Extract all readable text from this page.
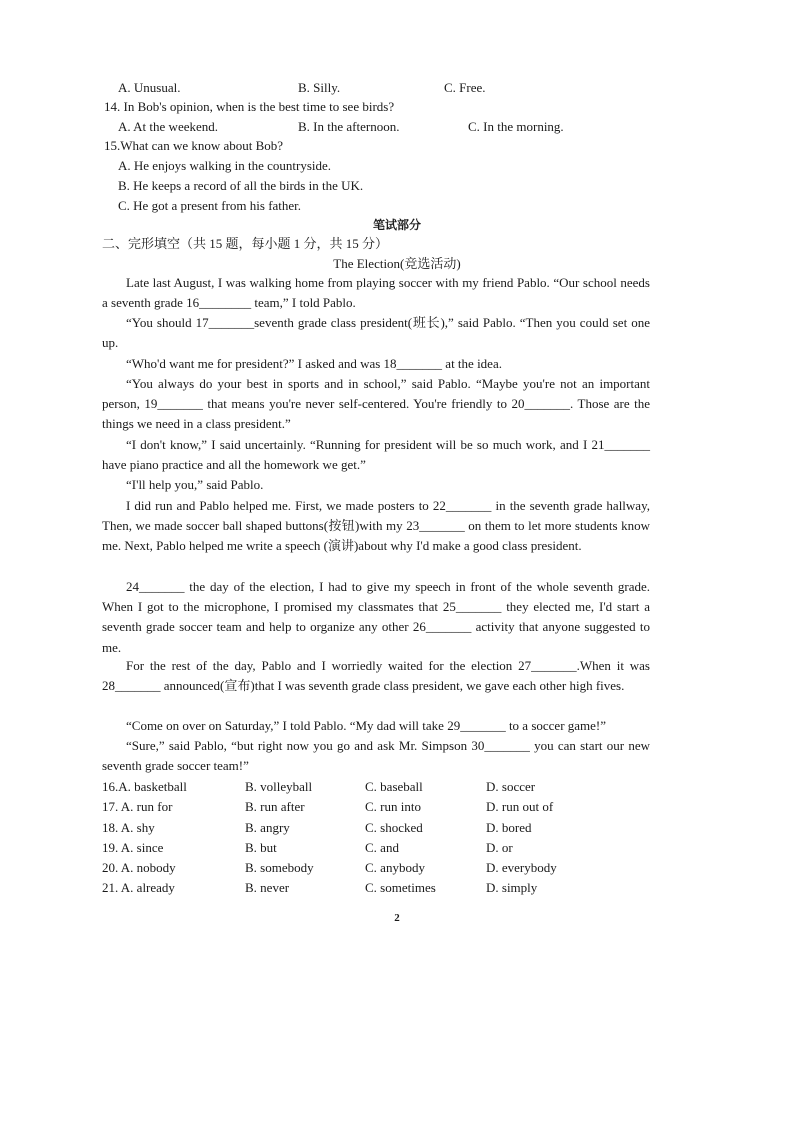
A. Unusual.	B. Silly.	C. Free.
14. In Bob's opinion, when is the best time to see birds?
A. At the weekend.	B. In the afternoon.	C. In the morning.
15.What can we know about Bob?
A. He enjoys walking in the countryside.
B. He keeps a record of all the birds in the UK.
C. He got a present from his father.
笔试部分
二、完形填空（共 15 题，每小题 1 分，共 15 分）
The Election(竞选活动)
Late last August, I was walking home from playing soccer with my friend Pablo. “Our school needs a seventh grade 16________ team,” I told Pablo.
“You should 17_______seventh grade class president(班长),” said Pablo. “Then you could set one up.
“Who'd want me for president?” I asked and was 18_______ at the idea.
“You always do your best in sports and in school,” said Pablo. “Maybe you're not an important person, 19_______ that means you're never self-centered. You're friendly to 20_______. Those are the things we need in a class president.”
“I don't know,” I said uncertainly. “Running for president will be so much work, and I 21_______ have piano practice and all the homework we get.”
“I'll help you,” said Pablo.
I did run and Pablo helped me. First, we made posters to 22_______ in the seventh grade hallway, Then, we made soccer ball shaped buttons(按钮)with my 23_______ on them to let more students know me. Next, Pablo helped me write a speech (演讲)about why I'd make a good class president.
24_______ the day of the election, I had to give my speech in front of the whole seventh grade. When I got to the microphone, I promised my classmates that 25_______ they elected me, I'd start a seventh grade soccer team and help to organize any other 26_______ activity that anyone suggested to me.
For the rest of the day, Pablo and I worriedly waited for the election 27_______.When it was 28_______ announced(宣布)that I was seventh grade class president, we gave each other high fives.
“Come on over on Saturday,” I told Pablo. “My dad will take 29_______ to a soccer game!”
“Sure,” said Pablo, “but right now you go and ask Mr. Simpson 30_______ you can start our new seventh grade soccer team!”
16.A. basketball	B. volleyball	C. baseball	D. soccer
17. A. run for	B. run after	C. run into	D. run out of
18. A. shy	B. angry	C. shocked	D. bored
19. A. since	B. but	C. and	D. or
20. A. nobody	B. somebody	C. anybody	D. everybody
21. A. already	B. never	C. sometimes	D. simply
2
